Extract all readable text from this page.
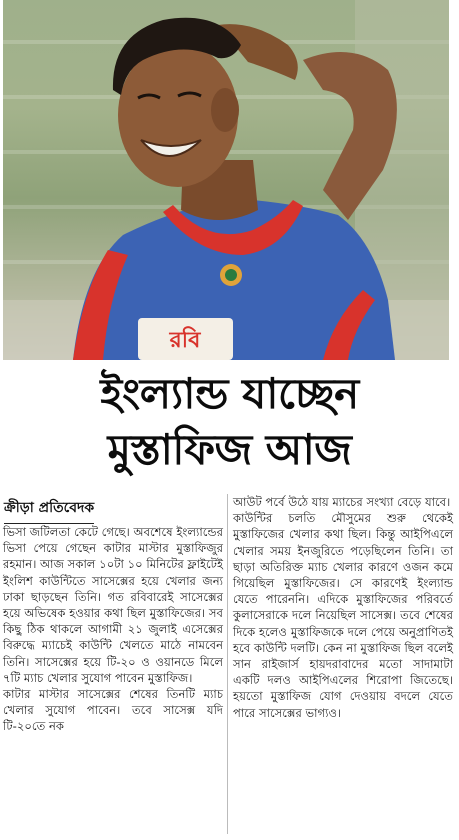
রবি
ইংল্যান্ড যাচ্ছেন
মুস্তাফিজ আজ
ক্রীড়া প্রতিবেদক

ভিসা জটিলতা কেটে গেছে। অবশেষে ইংল্যান্ডের ভিসা পেয়ে গেছেন কাটার মাস্টার মুস্তাফিজুর রহমান। আজ সকাল ১০টা ১০ মিনিটের ফ্লাইটেই ইংলিশ কাউন্টিতে সাসেক্সের হয়ে খেলার জন্য ঢাকা ছাড়ছেন তিনি। গত রবিবারেই সাসেক্সের হয়ে অভিষেক হওয়ার কথা ছিল মুস্তাফিজের। সব কিছু ঠিক থাকলে আগামী ২১ জুলাই এসেক্সের বিরুদ্ধে ম্যাচেই কাউন্টি খেলতে মাঠে নামবেন তিনি। সাসেক্সের হয়ে টি-২০ ও ওয়ানডে মিলে ৭টি ম্যাচ খেলার সুযোগ পাবেন মুস্তাফিজ।

কাটার মাস্টার সাসেক্সের শেষের তিনটি ম্যাচ খেলার সুযোগ পাবেন। তবে সাসেক্স যদি টি-২০তে নক

আউট পর্বে উঠে যায় ম্যাচের সংখ্যা বেড়ে যাবে।

কাউন্টির চলতি মৌসুমের শুরু থেকেই মুস্তাফিজের খেলার কথা ছিল। কিন্তু আইপিএলে খেলার সময় ইনজুরিতে পড়েছিলেন তিনি। তা ছাড়া অতিরিক্ত ম্যাচ খেলার কারণে ওজন কমে গিয়েছিল মুস্তাফিজের। সে কারণেই ইংল্যান্ড যেতে পারেননি। এদিকে মুস্তাফিজের পরিবর্তে কুলাসেরাকে দলে নিয়েছিল সাসেক্স। তবে শেষের দিকে হলেও মুস্তাফিজকে দলে পেয়ে অনুপ্রাণিতই হবে কাউন্টি দলটি। কেন না মুস্তাফিজ ছিল বলেই সান রাইজার্স হায়দরাবাদের মতো সাদামাটা একটি দলও আইপিএলের শিরোপা জিতেছে। হয়তো মুস্তাফিজ যোগ দেওয়ায় বদলে যেতে পারে সাসেক্সের ভাগ্যও।
